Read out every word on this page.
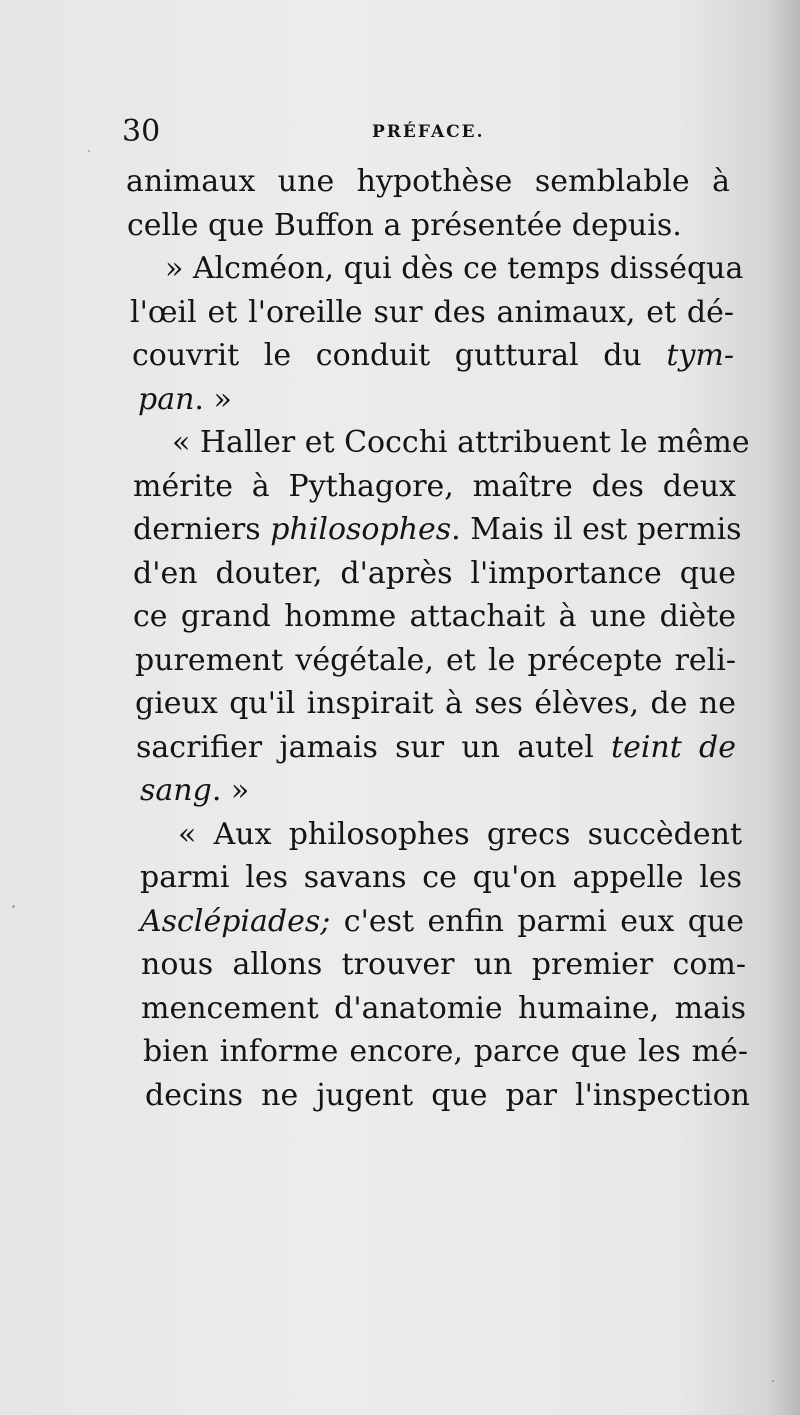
30	PRÉFACE.
animaux une hypothèse semblable à
celle que Buffon a présentée depuis.
» Alcméon, qui dès ce temps disséqua
l'œil et l'oreille sur des animaux, et dé-
couvrit le conduit guttural du tym-
pan. »
« Haller et Cocchi attribuent le même
mérite à Pythagore, maître des deux
derniers philosophes. Mais il est permis
d'en douter, d'après l'importance que
ce grand homme attachait à une diète
purement végétale, et le précepte reli-
gieux qu'il inspirait à ses élèves, de ne
sacrifier jamais sur un autel teint de
sang. »
« Aux philosophes grecs succèdent
parmi les savans ce qu'on appelle les
Asclépiades; c'est enfin parmi eux que
nous allons trouver un premier com-
mencement d'anatomie humaine, mais
bien informe encore, parce que les mé-
decins ne jugent que par l'inspection
